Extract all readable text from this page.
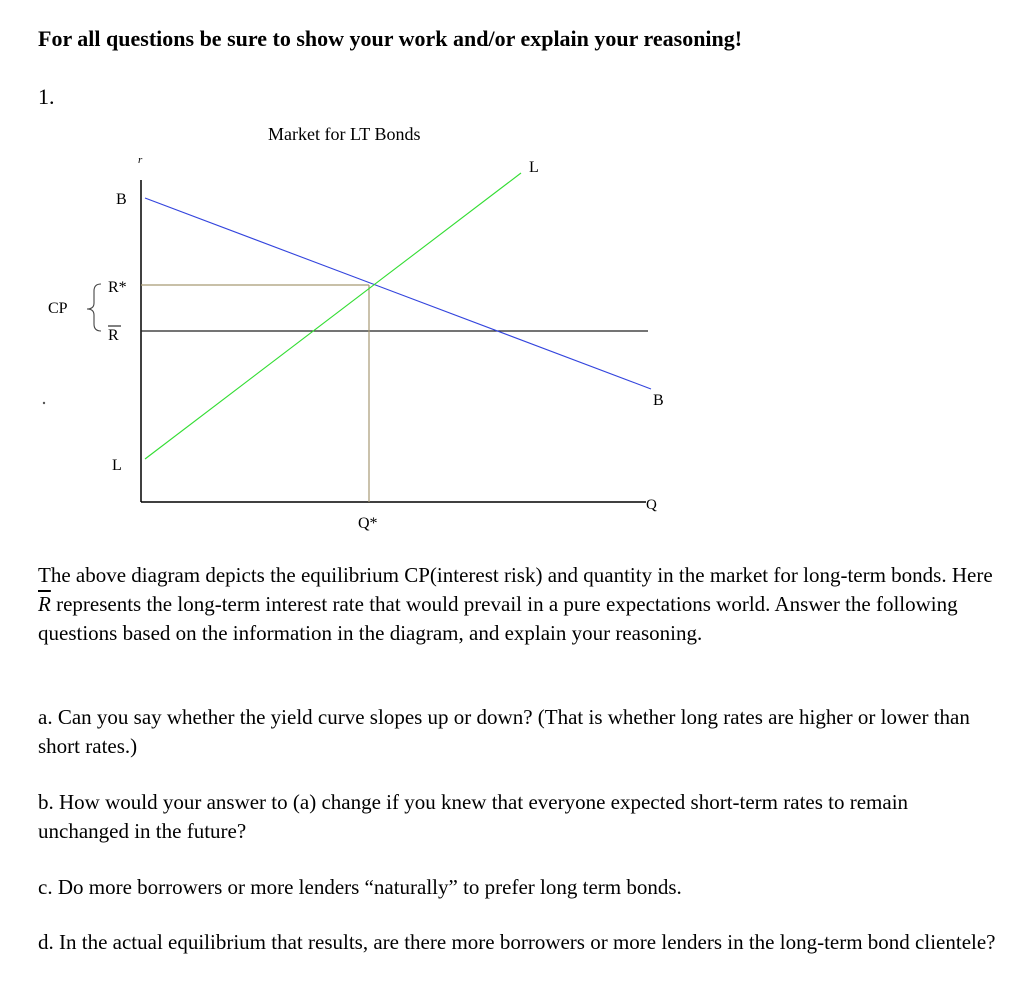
For all questions be sure to show your work and/or explain your reasoning!
1.
Market for LT Bonds
r
Q
B
B
L
L
R*
R
CP
Q*

The above diagram depicts the equilibrium CP(interest risk) and quantity in the market for long-term bonds. Here $\overline{R}$ represents the long-term interest rate that would prevail in a pure expectations world. Answer the following questions based on the information in the diagram, and explain your reasoning.

a. Can you say whether the yield curve slopes up or down? (That is whether long rates are higher or lower than short rates.)

b. How would your answer to (a) change if you knew that everyone expected short-term rates to remain unchanged in the future?

c. Do more borrowers or more lenders “naturally” to prefer long term bonds.

d. In the actual equilibrium that results, are there more borrowers or more lenders in the long-term bond clientele?
